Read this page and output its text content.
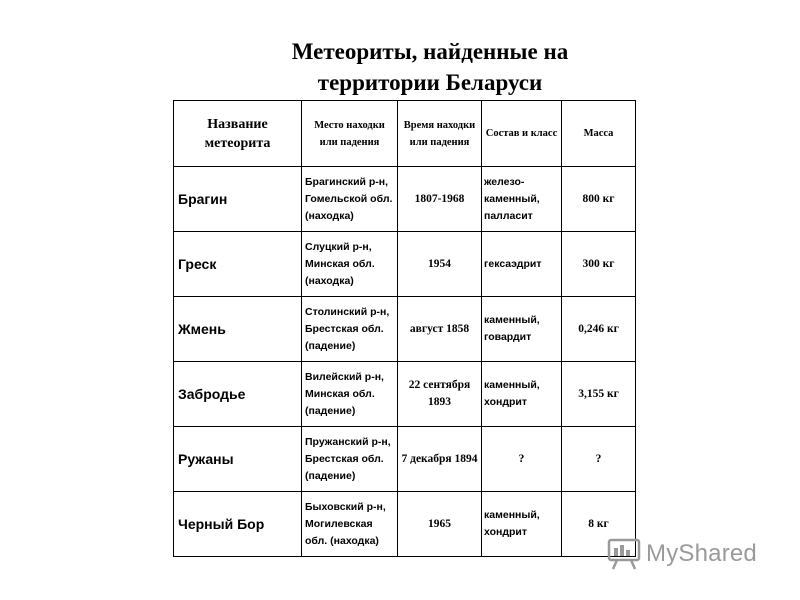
Метеориты, найденные на
территории Беларуси
Название метеорита	Место находки или падения	Время находки или падения	Состав и класс	Масса
Брагин	Брагинский р-н, Гомельской обл. (находка)	1807-1968	железо-каменный, палласит	800 кг
Греск	Слуцкий р-н, Минская обл. (находка)	1954	гексаэдрит	300 кг
Жмень	Столинский р-н, Брестская обл. (падение)	август 1858	каменный, говардит	0,246 кг
Забродье	Вилейский р-н, Минская обл. (падение)	22 сентября 1893	каменный, хондрит	3,155 кг
Ружаны	Пружанский р-н, Брестская обл. (падение)	7 декабря 1894	?	?
Черный Бор	Быховский р-н, Могилевская обл. (находка)	1965	каменный, хондрит	8 кг
MyShared
